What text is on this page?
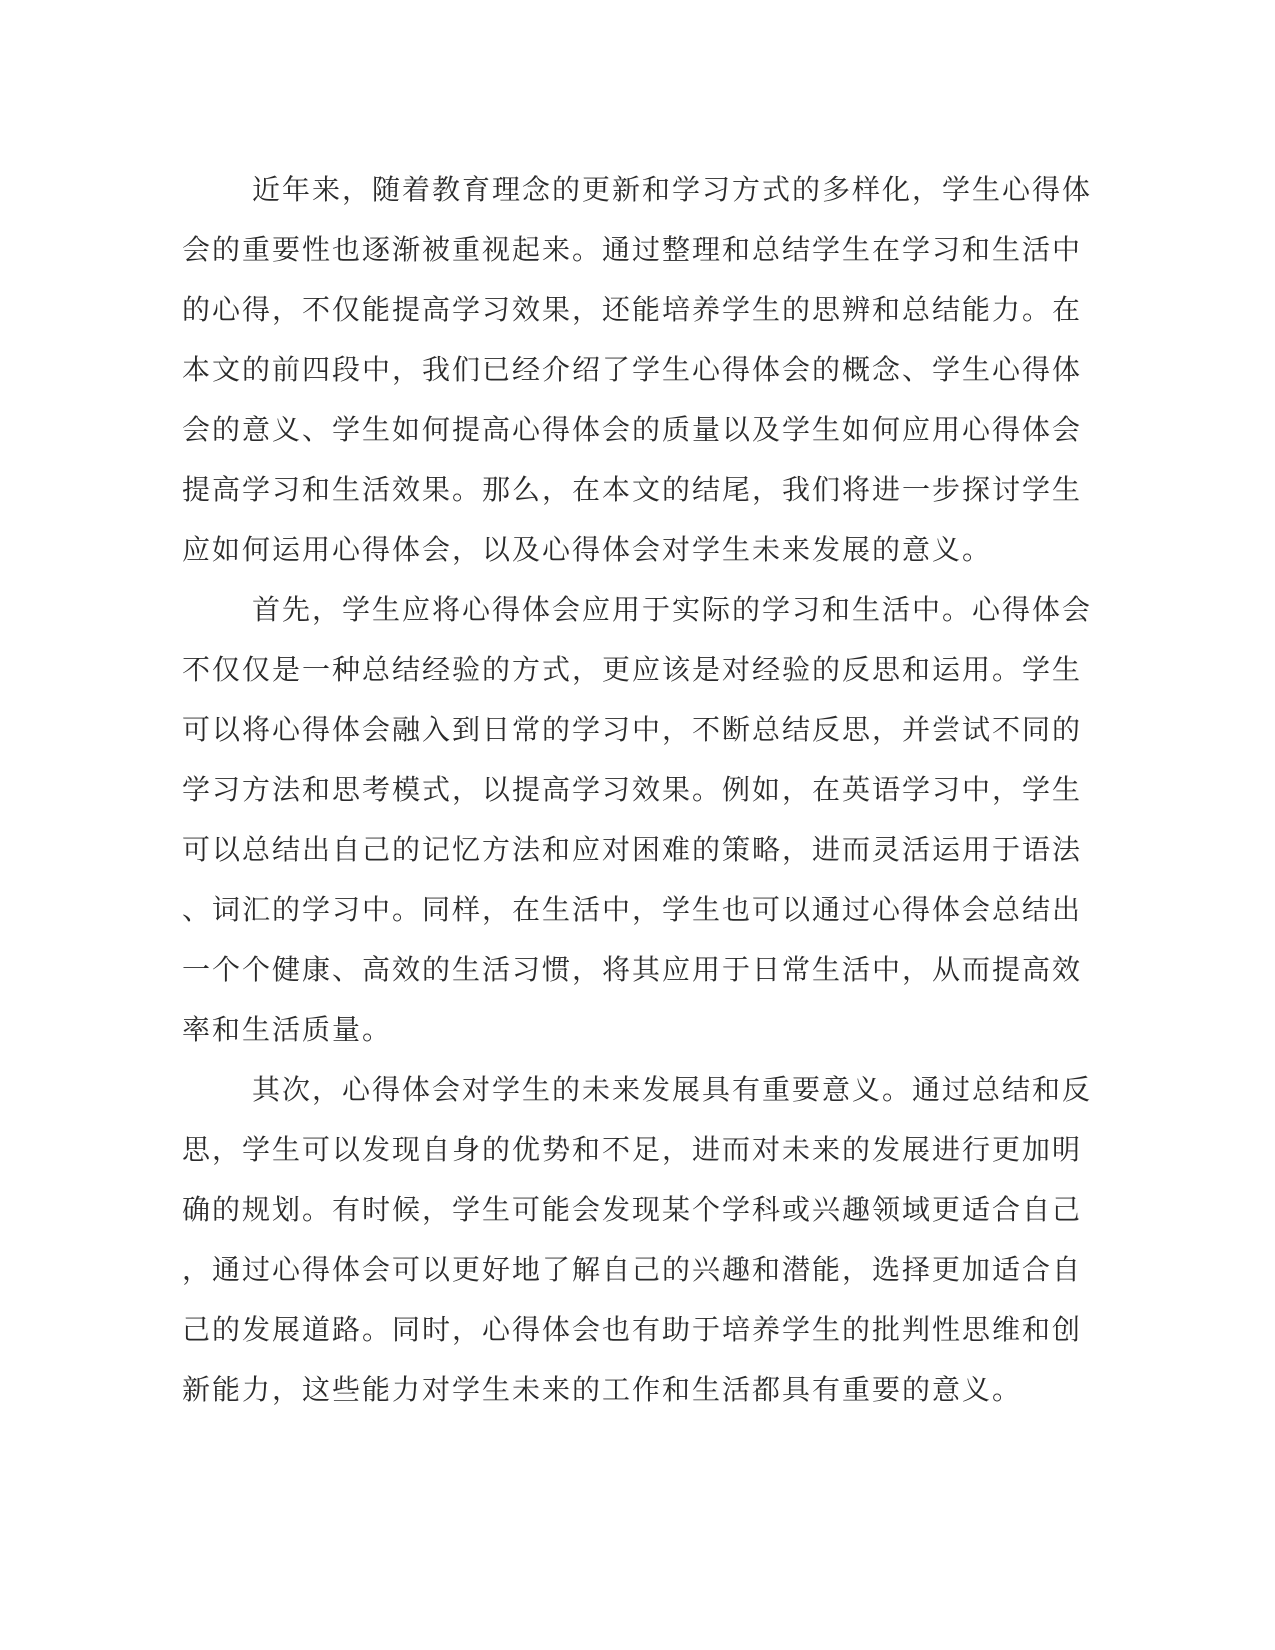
近年来，随着教育理念的更新和学习方式的多样化，学生心得体
会的重要性也逐渐被重视起来。通过整理和总结学生在学习和生活中
的心得，不仅能提高学习效果，还能培养学生的思辨和总结能力。在
本文的前四段中，我们已经介绍了学生心得体会的概念、学生心得体
会的意义、学生如何提高心得体会的质量以及学生如何应用心得体会
提高学习和生活效果。那么，在本文的结尾，我们将进一步探讨学生
应如何运用心得体会，以及心得体会对学生未来发展的意义。
首先，学生应将心得体会应用于实际的学习和生活中。心得体会
不仅仅是一种总结经验的方式，更应该是对经验的反思和运用。学生
可以将心得体会融入到日常的学习中，不断总结反思，并尝试不同的
学习方法和思考模式，以提高学习效果。例如，在英语学习中，学生
可以总结出自己的记忆方法和应对困难的策略，进而灵活运用于语法
、词汇的学习中。同样，在生活中，学生也可以通过心得体会总结出
一个个健康、高效的生活习惯，将其应用于日常生活中，从而提高效
率和生活质量。
其次，心得体会对学生的未来发展具有重要意义。通过总结和反
思，学生可以发现自身的优势和不足，进而对未来的发展进行更加明
确的规划。有时候，学生可能会发现某个学科或兴趣领域更适合自己
，通过心得体会可以更好地了解自己的兴趣和潜能，选择更加适合自
己的发展道路。同时，心得体会也有助于培养学生的批判性思维和创
新能力，这些能力对学生未来的工作和生活都具有重要的意义。
